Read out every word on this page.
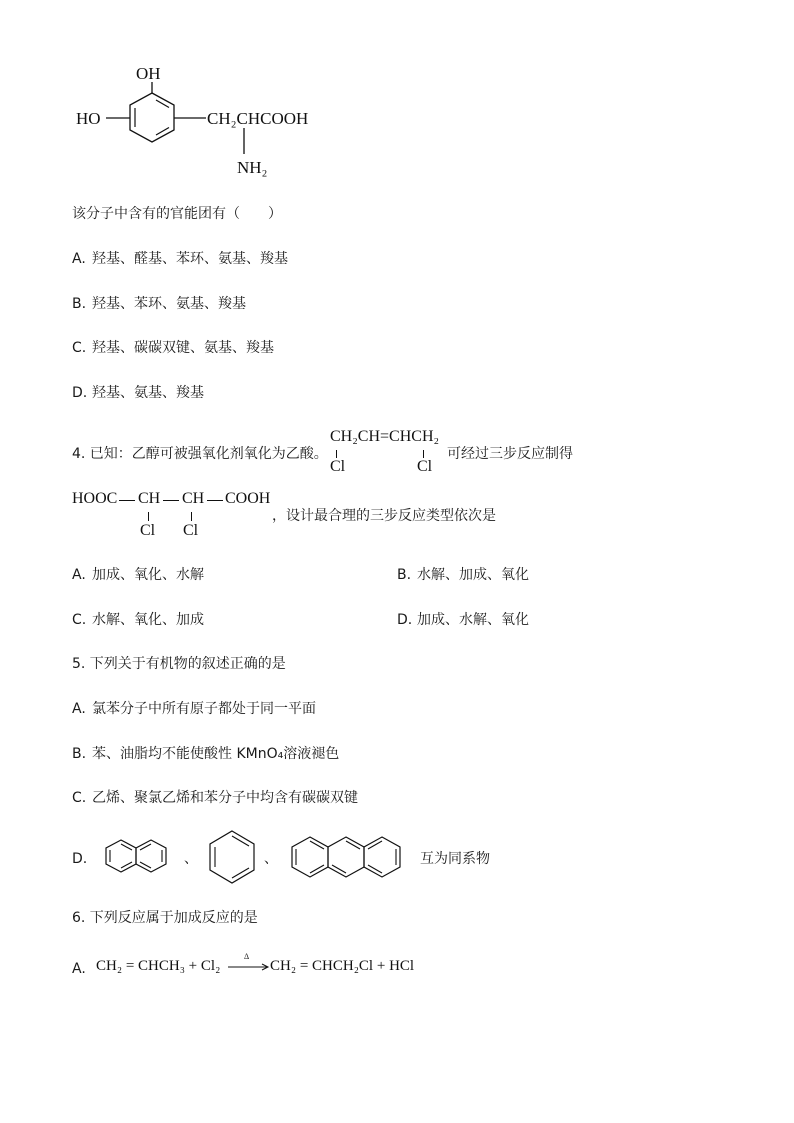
OH
HO	CH₂CHCOOH
NH₂
该分子中含有的官能团有（　　）
A. 羟基、醛基、苯环、氨基、羧基
B. 羟基、苯环、氨基、羧基
C. 羟基、碳碳双键、氨基、羧基
D. 羟基、氨基、羧基
4. 已知：乙醇可被强氧化剂氧化为乙酸。
CH₂CH=CHCH₂
Cl	Cl
可经过三步反应制得
HOOC CH CH COOH
Cl Cl
，设计最合理的三步反应类型依次是
A. 加成、氧化、水解	B. 水解、加成、氧化
C. 水解、氧化、加成	D. 加成、水解、氧化
5. 下列关于有机物的叙述正确的是
A. 氯苯分子中所有原子都处于同一平面
B. 苯、油脂均不能使酸性 KMnO₄溶液褪色
C. 乙烯、聚氯乙烯和苯分子中均含有碳碳双键
D.	、	、	互为同系物
6. 下列反应属于加成反应的是
A. CH₂ = CHCH₃ + Cl₂
Δ
→ CH₂ = CHCH₂Cl + HCl
